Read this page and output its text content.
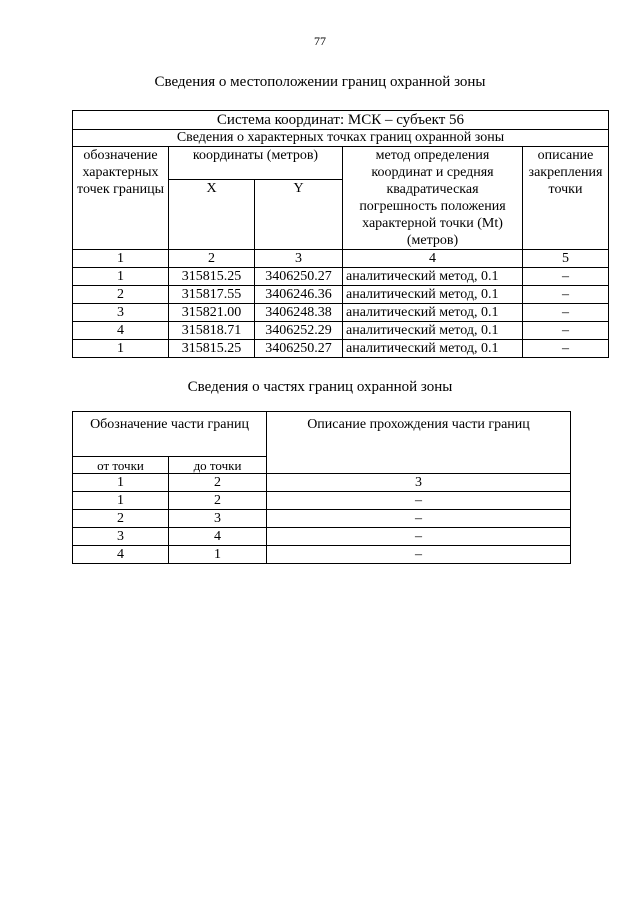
77
Сведения о местоположении границ охранной зоны
Система координат: МСК – субъект 56				
Сведения о характерных точках границ охранной зоны				
обозначение характерных точек границы	координаты (метров)		метод определения координат и средняя квадратическая погрешность положения характерной точки (Mt) (метров)	описание закрепления точки
	X	Y		
1	2	3	4	5
1	315815.25	3406250.27	аналитический метод, 0.1	–
2	315817.55	3406246.36	аналитический метод, 0.1	–
3	315821.00	3406248.38	аналитический метод, 0.1	–
4	315818.71	3406252.29	аналитический метод, 0.1	–
1	315815.25	3406250.27	аналитический метод, 0.1	–
Сведения о частях границ охранной зоны
Обозначение части границ		Описание прохождения части границ
от точки	до точки	
1	2	3
1	2	–
2	3	–
3	4	–
4	1	–
